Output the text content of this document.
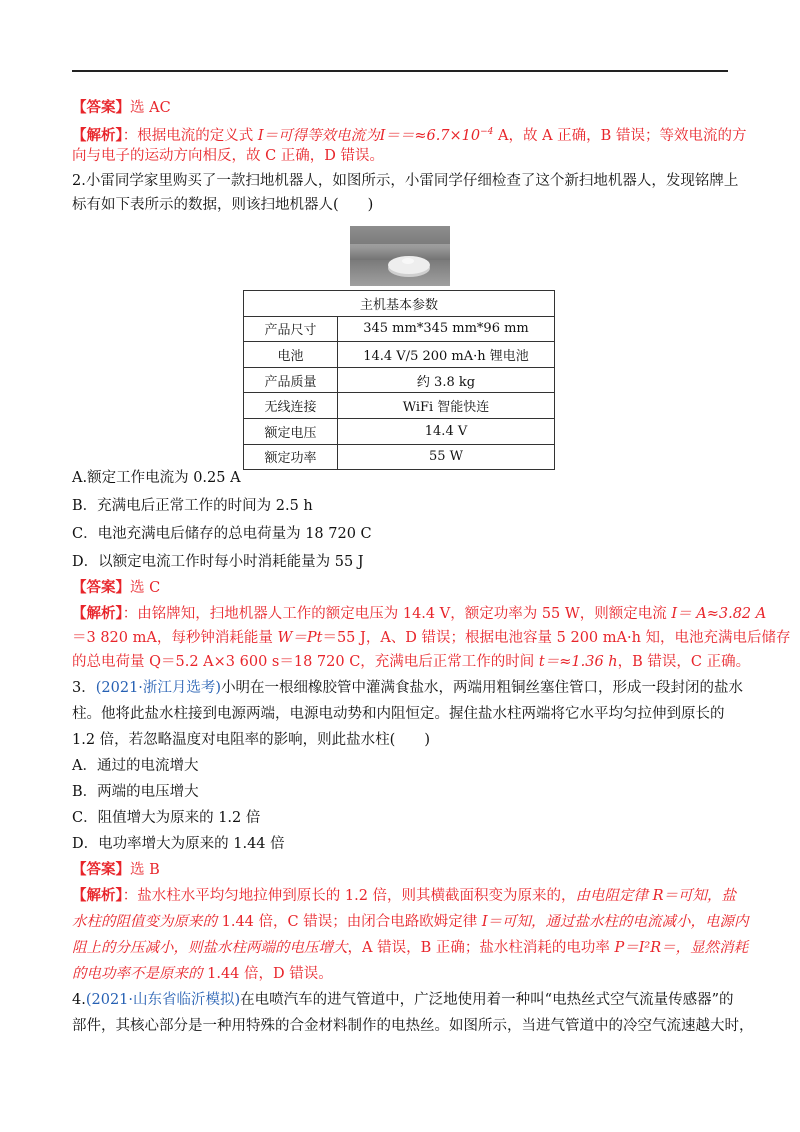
【答案】选 AC
【解析】：根据电流的定义式 I＝可得等效电流为$I==\approx 6.7\times 10^{-4}$ A，故 A 正确，B 错误；等效电流的方
向与电子的运动方向相反，故 C 正确，D 错误。
2.小雷同学家里购买了一款扫地机器人，如图所示，小雷同学仔细检查了这个新扫地机器人，发现铭牌上
标有如下表所示的数据，则该扫地机器人(　　)
主机基本参数	
产品尺寸	345 mm*345 mm*96 mm
电池	14.4 V/5 200 mA·h 锂电池
产品质量	约 3.8 kg
无线连接	WiFi 智能快连
额定电压	14.4 V
额定功率	55 W
A.额定工作电流为 0.25 A
B．充满电后正常工作的时间为 2.5 h
C．电池充满电后储存的总电荷量为 18 720 C
D．以额定电流工作时每小时消耗能量为 55 J
【答案】选 C
【解析】：由铭牌知，扫地机器人工作的额定电压为 14.4 V，额定功率为 55 W，则额定电流 I＝ A≈3.82 A
＝3 820 mA，每秒钟消耗能量 W＝Pt＝55 J，A、D 错误；根据电池容量 5 200 mA·h 知，电池充满电后储存
的总电荷量 Q＝5.2 A×3 600 s＝18 720 C，充满电后正常工作的时间 t＝≈1.36 h，B 错误，C 正确。
3．(2021·浙江月选考)小明在一根细橡胶管中灌满食盐水，两端用粗铜丝塞住管口，形成一段封闭的盐水
柱。他将此盐水柱接到电源两端，电源电动势和内阻恒定。握住盐水柱两端将它水平均匀拉伸到原长的
1.2 倍，若忽略温度对电阻率的影响，则此盐水柱(　　)
A．通过的电流增大
B．两端的电压增大
C．阻值增大为原来的 1.2 倍
D．电功率增大为原来的 1.44 倍
【答案】选 B
【解析】：盐水柱水平均匀地拉伸到原长的 1.2 倍，则其横截面积变为原来的，由电阻定律 R＝可知，盐
水柱的阻值变为原来的 1.44 倍，C 错误；由闭合电路欧姆定律 I＝可知，通过盐水柱的电流减小，电源内
阻上的分压减小，则盐水柱两端的电压增大，A 错误，B 正确；盐水柱消耗的电功率 P＝I²R＝，显然消耗
的电功率不是原来的 1.44 倍，D 错误。
4.(2021·山东省临沂模拟)在电喷汽车的进气管道中，广泛地使用着一种叫“电热丝式空气流量传感器”的
部件，其核心部分是一种用特殊的合金材料制作的电热丝。如图所示，当进气管道中的冷空气流速越大时，
